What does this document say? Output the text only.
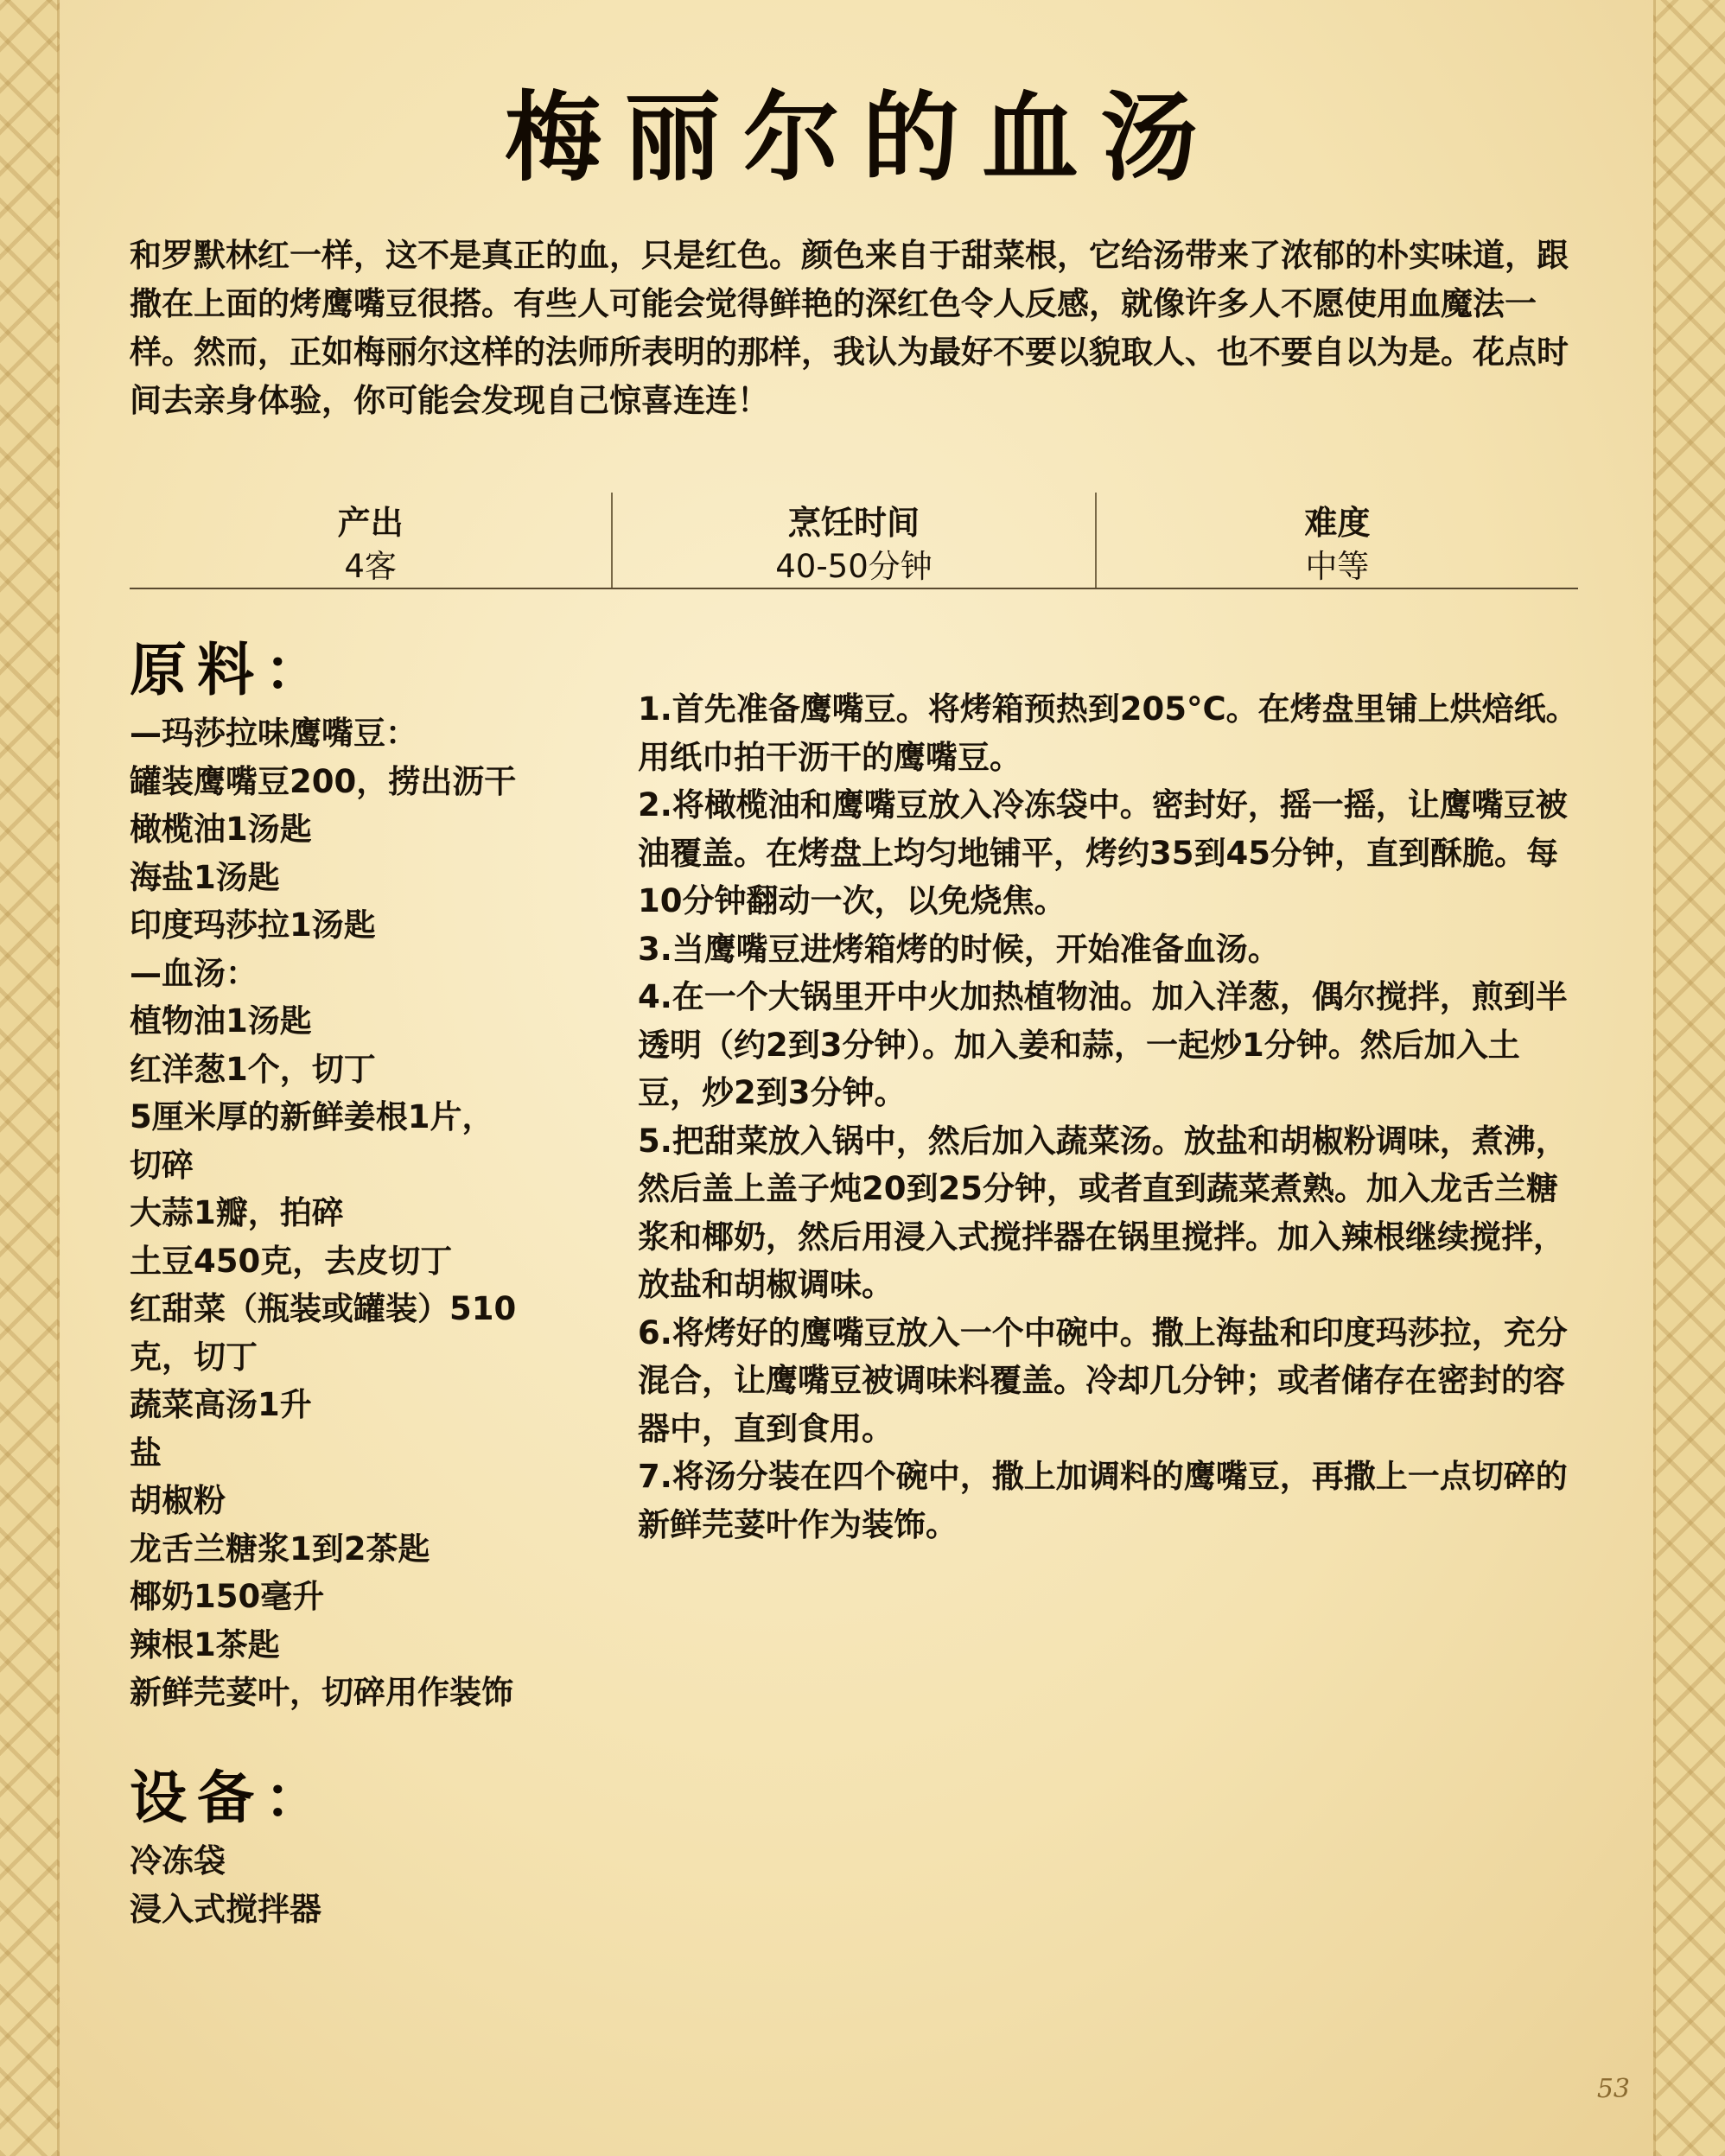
梅丽尔的血汤
和罗默林红一样，这不是真正的血，只是红色。颜色来自于甜菜根，它给汤带来了浓郁的朴实味道，跟撒在上面的烤鹰嘴豆很搭。有些人可能会觉得鲜艳的深红色令人反感，就像许多人不愿使用血魔法一样。然而，正如梅丽尔这样的法师所表明的那样，我认为最好不要以貌取人、也不要自以为是。花点时间去亲身体验，你可能会发现自己惊喜连连！
产出
4客
烹饪时间
40-50分钟
难度
中等
原料：
—玛莎拉味鹰嘴豆：
罐装鹰嘴豆200，捞出沥干
橄榄油1汤匙
海盐1汤匙
印度玛莎拉1汤匙
—血汤：
植物油1汤匙
红洋葱1个，切丁
5厘米厚的新鲜姜根1片，
切碎
大蒜1瓣，拍碎
土豆450克，去皮切丁
红甜菜（瓶装或罐装）510
克，切丁
蔬菜高汤1升
盐
胡椒粉
龙舌兰糖浆1到2茶匙
椰奶150毫升
辣根1茶匙
新鲜芫荽叶，切碎用作装饰
设备：
冷冻袋
浸入式搅拌器

1.首先准备鹰嘴豆。将烤箱预热到205°C。在烤盘里铺上烘焙纸。用纸巾拍干沥干的鹰嘴豆。

2.将橄榄油和鹰嘴豆放入冷冻袋中。密封好，摇一摇，让鹰嘴豆被油覆盖。在烤盘上均匀地铺平，烤约35到45分钟，直到酥脆。每10分钟翻动一次，以免烧焦。

3.当鹰嘴豆进烤箱烤的时候，开始准备血汤。

4.在一个大锅里开中火加热植物油。加入洋葱，偶尔搅拌，煎到半透明（约2到3分钟）。加入姜和蒜，一起炒1分钟。然后加入土豆，炒2到3分钟。

5.把甜菜放入锅中，然后加入蔬菜汤。放盐和胡椒粉调味，煮沸，然后盖上盖子炖20到25分钟，或者直到蔬菜煮熟。加入龙舌兰糖浆和椰奶，然后用浸入式搅拌器在锅里搅拌。加入辣根继续搅拌，放盐和胡椒调味。

6.将烤好的鹰嘴豆放入一个中碗中。撒上海盐和印度玛莎拉，充分混合，让鹰嘴豆被调味料覆盖。冷却几分钟；或者储存在密封的容器中，直到食用。

7.将汤分装在四个碗中，撒上加调料的鹰嘴豆，再撒上一点切碎的新鲜芫荽叶作为装饰。

53
